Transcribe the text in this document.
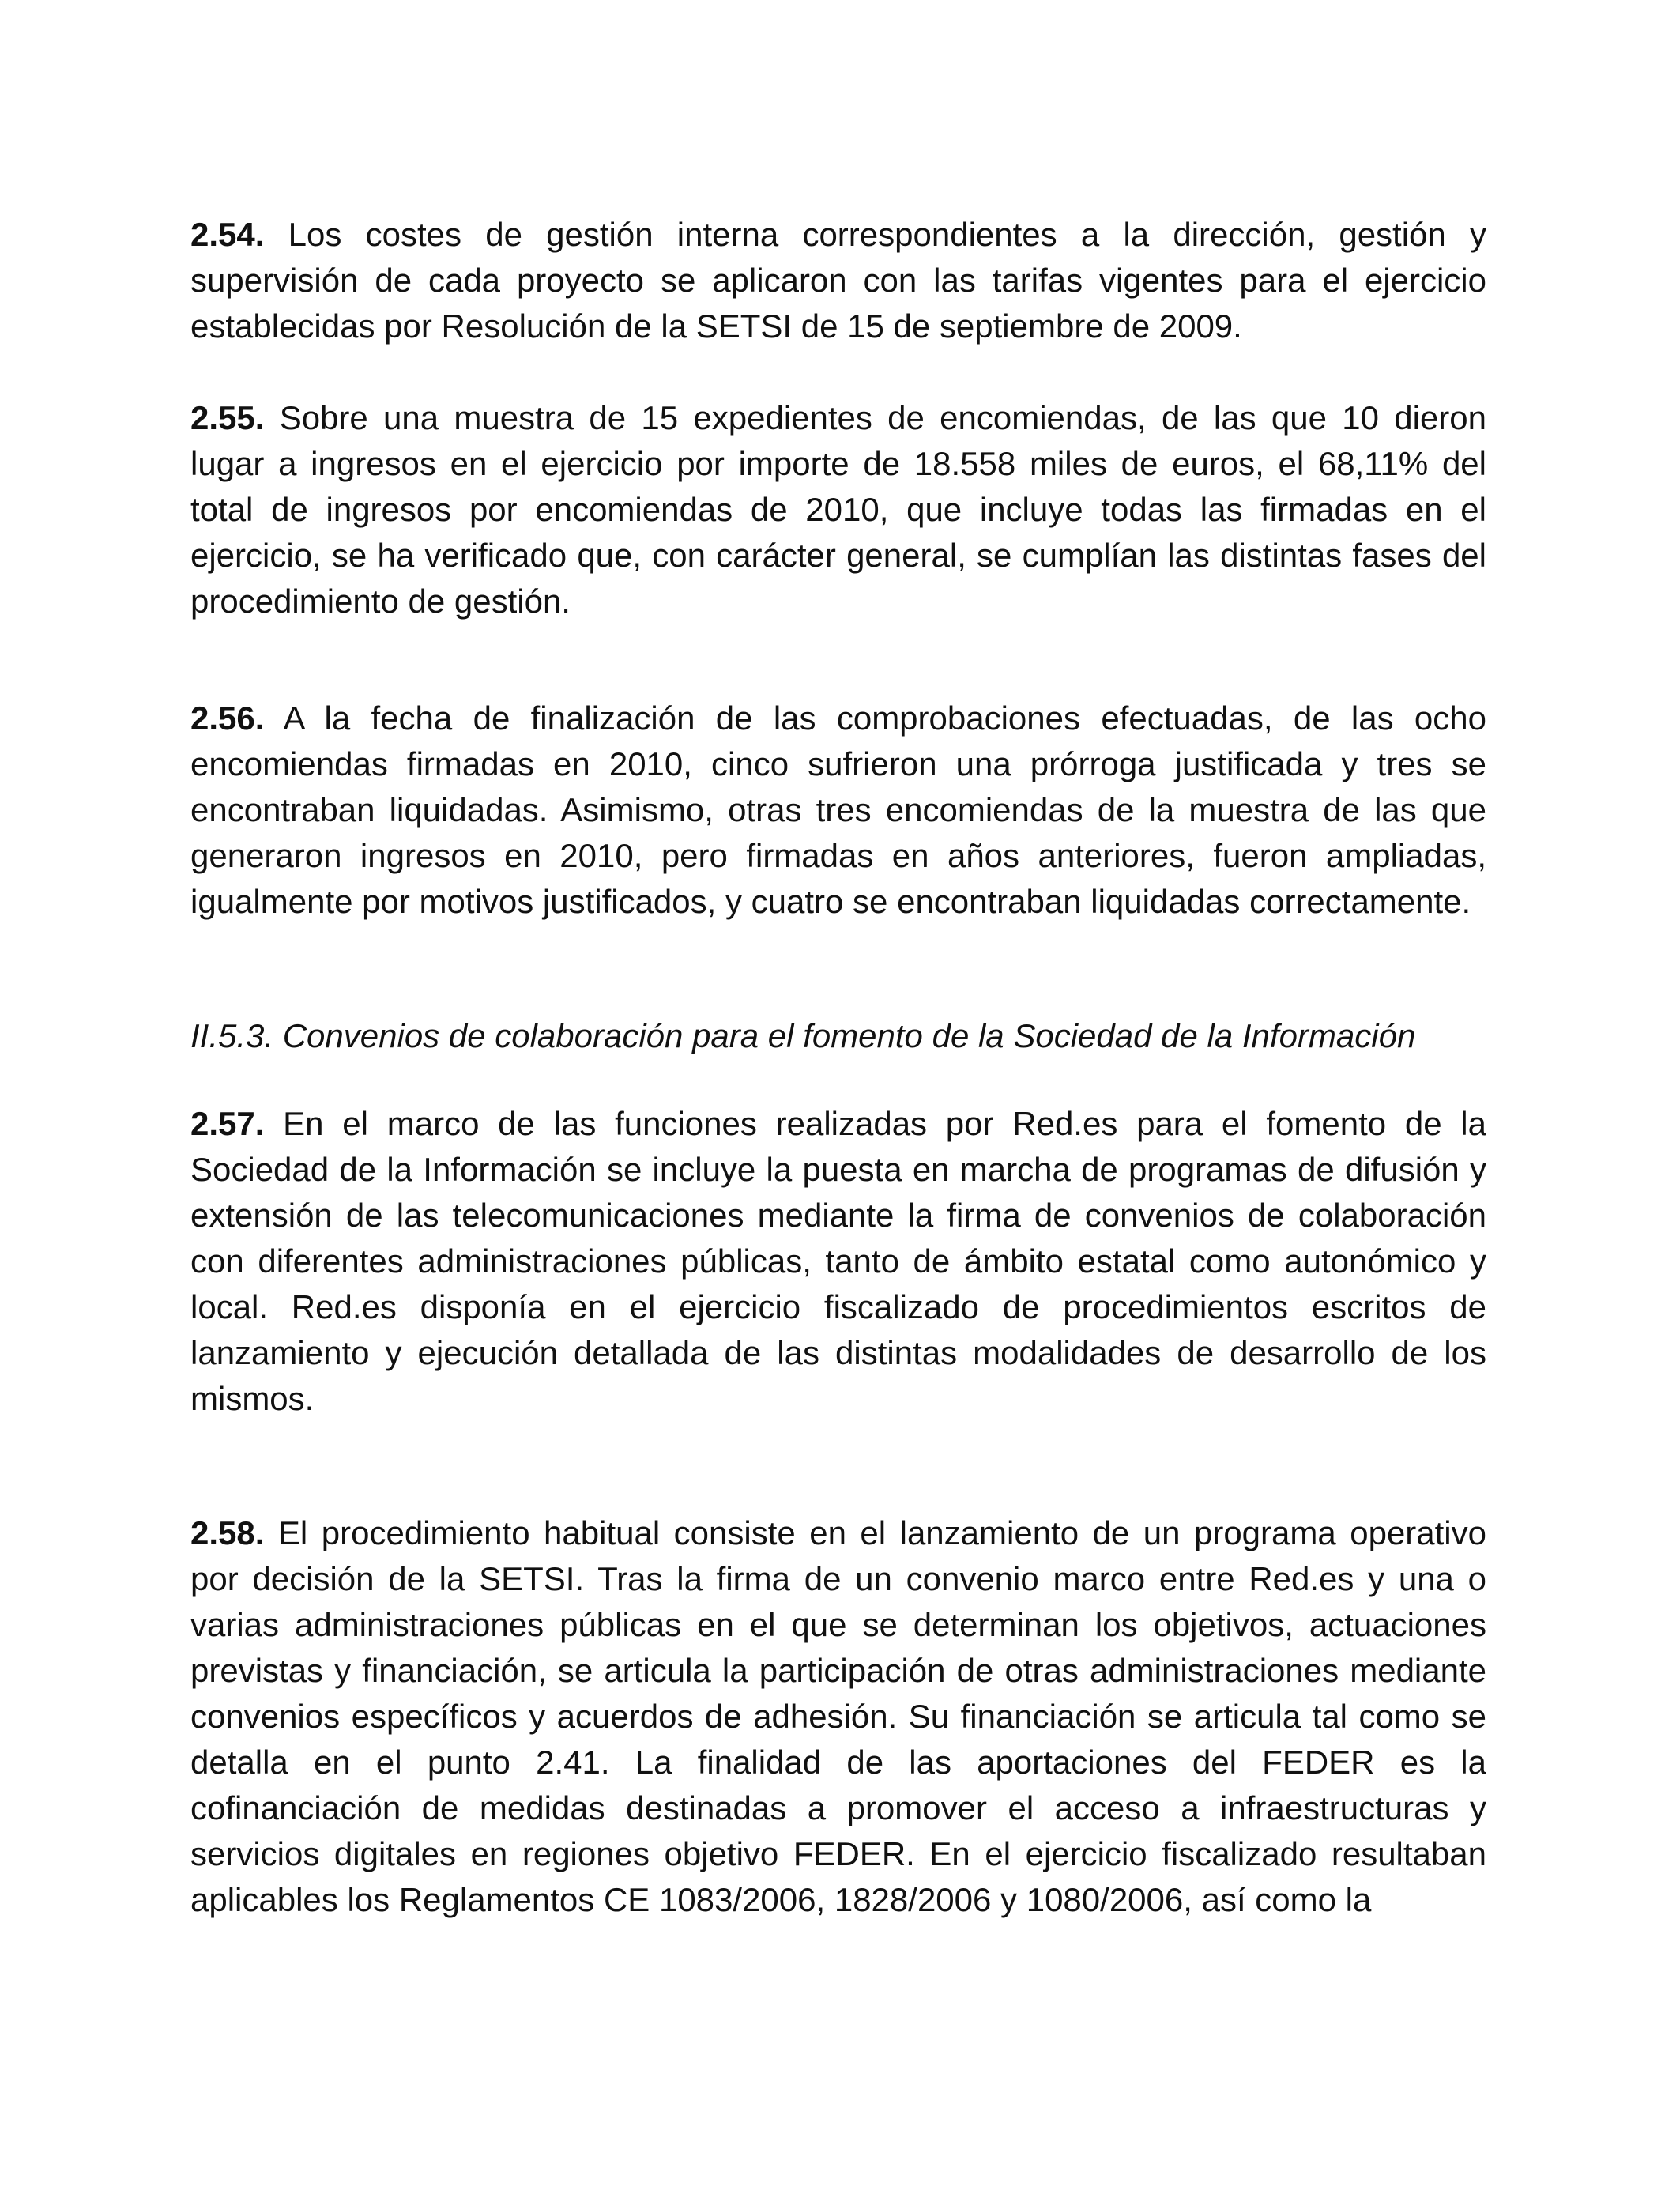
2.54. Los costes de gestión interna correspondientes a la dirección, gestión y supervisión de cada proyecto se aplicaron con las tarifas vigentes para el ejercicio establecidas por Resolución de la SETSI de 15 de septiembre de 2009.

2.55. Sobre una muestra de 15 expedientes de encomiendas, de las que 10 dieron lugar a ingresos en el ejercicio por importe de 18.558 miles de euros, el 68,11% del total de ingresos por encomiendas de 2010, que incluye todas las firmadas en el ejercicio, se ha verificado que, con carácter general, se cumplían las distintas fases del procedimiento de gestión.

2.56. A la fecha de finalización de las comprobaciones efectuadas, de las ocho encomiendas firmadas en 2010, cinco sufrieron una prórroga justificada y tres se encontraban liquidadas. Asimismo, otras tres encomiendas de la muestra de las que generaron ingresos en 2010, pero firmadas en años anteriores, fueron ampliadas, igualmente por motivos justificados, y cuatro se encontraban liquidadas correctamente.

II.5.3. Convenios de colaboración para el fomento de la Sociedad de la Información

2.57. En el marco de las funciones realizadas por Red.es para el fomento de la Sociedad de la Información se incluye la puesta en marcha de programas de difusión y extensión de las telecomunicaciones mediante la firma de convenios de colaboración con diferentes administraciones públicas, tanto de ámbito estatal como autonómico y local. Red.es disponía en el ejercicio fiscalizado de procedimientos escritos de lanzamiento y ejecución detallada de las distintas modalidades de desarrollo de los mismos.

2.58. El procedimiento habitual consiste en el lanzamiento de un programa operativo por decisión de la SETSI. Tras la firma de un convenio marco entre Red.es y una o varias administraciones públicas en el que se determinan los objetivos, actuaciones previstas y financiación, se articula la participación de otras administraciones mediante convenios específicos y acuerdos de adhesión. Su financiación se articula tal como se detalla en el punto 2.41. La finalidad de las aportaciones del FEDER es la cofinanciación de medidas destinadas a promover el acceso a infraestructuras y servicios digitales en regiones objetivo FEDER. En el ejercicio fiscalizado resultaban aplicables los Reglamentos CE 1083/2006, 1828/2006 y 1080/2006, así como la
